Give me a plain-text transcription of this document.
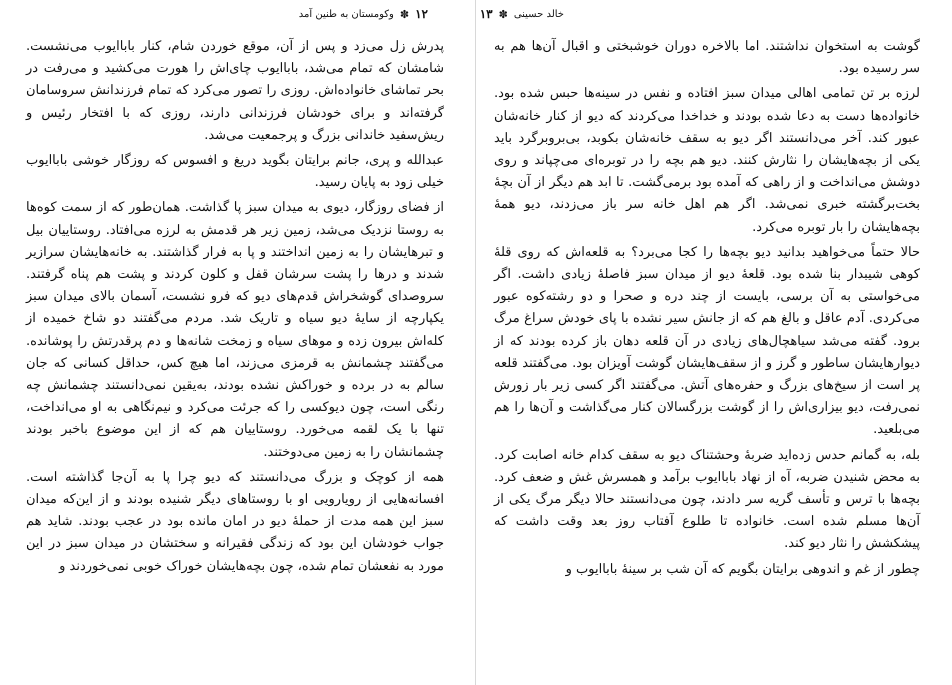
۱۲
✽
وکومستان به طنین آمد

پدرش زل می‌زد و پس از آن، موقع خوردن شام، کنار باباایوب می‌نشست. شامشان که تمام می‌شد، باباایوب چای‌اش را هورت می‌کشید و می‌رفت در بحر تماشای خانواده‌اش. روزی را تصور می‌کرد که تمام فرزندانش سروسامان گرفته‌اند و برای خودشان فرزندانی دارند، روزی که با افتخار رئیس و ریش‌سفید خاندانی بزرگ و پرجمعیت می‌شد.

عبدالله و پری، جانم برایتان بگوید دریغ و افسوس که روزگار خوشی باباایوب خیلی زود به پایان رسید.

از فضای روزگار، دیوی به میدان سبز پا گذاشت. همان‌طور که از سمت کوه‌ها به روستا نزدیک می‌شد، زمین زیر هر قدمش به لرزه می‌افتاد. روستاییان بیل و تبرهایشان را به زمین انداختند و پا به فرار گذاشتند. به خانه‌هایشان سرازیر شدند و درها را پشت سرشان قفل و کلون کردند و پشت هم پناه گرفتند. سروصدای گوشخراش قدم‌های دیو که فرو نشست، آسمان بالای میدان سبز یکپارچه از سایهٔ دیو سیاه و تاریک شد. مردم می‌گفتند دو شاخ خمیده از کله‌اش بیرون زده و موهای سیاه و زمخت شانه‌ها و دم پرقدرتش را پوشانده. می‌گفتند چشمانش به قرمزی می‌زند، اما هیچ کس، حداقل کسانی که جان سالم به در برده و خوراکش نشده بودند، به‌یقین نمی‌دانستند چشمانش چه رنگی است، چون دیوکسی را که جرئت می‌کرد و نیم‌نگاهی به او می‌انداخت، تنها با یک لقمه می‌خورد. روستاییان هم که از این موضوع باخبر بودند چشمانشان را به زمین می‌دوختند.

همه از کوچک و بزرگ می‌دانستند که دیو چرا پا به آن‌جا گذاشته است. افسانه‌هایی از رویارویی او با روستاهای دیگر شنیده بودند و از این‌که میدان سبز این همه مدت از حملهٔ دیو در امان مانده بود در عجب بودند. شاید هم جواب خودشان این بود که زندگی فقیرانه و سختشان در میدان سبز در این مورد به نفعشان تمام شده، چون بچه‌هایشان خوراک خوبی نمی‌خوردند و

خالد حسینی
✽
۱۳

گوشت به استخوان نداشتند. اما بالاخره دوران خوشبختی و اقبال آن‌ها هم به سر رسیده بود.

لرزه بر تن تمامی اهالی میدان سبز افتاده و نفس در سینه‌ها حبس شده بود. خانواده‌ها دست به دعا شده بودند و خداخدا می‌کردند که دیو از کنار خانه‌شان عبور کند. آخر می‌دانستند اگر دیو به سقف خانه‌شان بکوبد، بی‌برو‌برگرد باید یکی از بچه‌هایشان را نثارش کنند. دیو هم بچه را در توبره‌ای می‌چپاند و روی دوشش می‌انداخت و از راهی که آمده بود برمی‌گشت. تا ابد هم دیگر از آن بچهٔ بخت‌برگشته خبری نمی‌شد. اگر هم اهل خانه سر باز می‌زدند، دیو همهٔ بچه‌هایشان را بار توبره می‌کرد.

حالا حتماً می‌خواهید بدانید دیو بچه‌ها را کجا می‌برد؟ به قلعه‌اش که روی قلهٔ کوهی شیبدار بنا شده بود. قلعهٔ دیو از میدان سبز فاصلهٔ زیادی داشت. اگر می‌خواستی به آن برسی، بایست از چند دره و صحرا و دو رشته‌کوه عبور می‌کردی. آدم عاقل و بالغ هم که از جانش سیر نشده با پای خودش سراغ مرگ برود. گفته می‌شد سیاهچال‌های زیادی در آن قلعه دهان باز کرده بودند که از دیوارهایشان ساطور و گرز و از سقف‌هایشان گوشت آویزان بود. می‌گفتند قلعه پر است از سیخ‌های بزرگ و حفره‌های آتش. می‌گفتند اگر کسی زیر بار زورش نمی‌رفت، دیو بیزاری‌اش را از گوشت بزرگسالان کنار می‌گذاشت و آن‌ها را هم می‌بلعید.

بله، به گمانم حدس زده‌اید ضربهٔ وحشتناک دیو به سقف کدام خانه اصابت کرد. به محض شنیدن ضربه، آه از نهاد باباایوب برآمد و همسرش غش و ضعف کرد. بچه‌ها با ترس و تأسف گریه سر دادند، چون می‌دانستند حالا دیگر مرگ یکی از آن‌ها مسلم شده است. خانواده تا طلوع آفتاب روز بعد وقت داشت که پیشکشش را نثار دیو کند.

چطور از غم و اندوهی برایتان بگویم که آن شب بر سینهٔ باباایوب و
